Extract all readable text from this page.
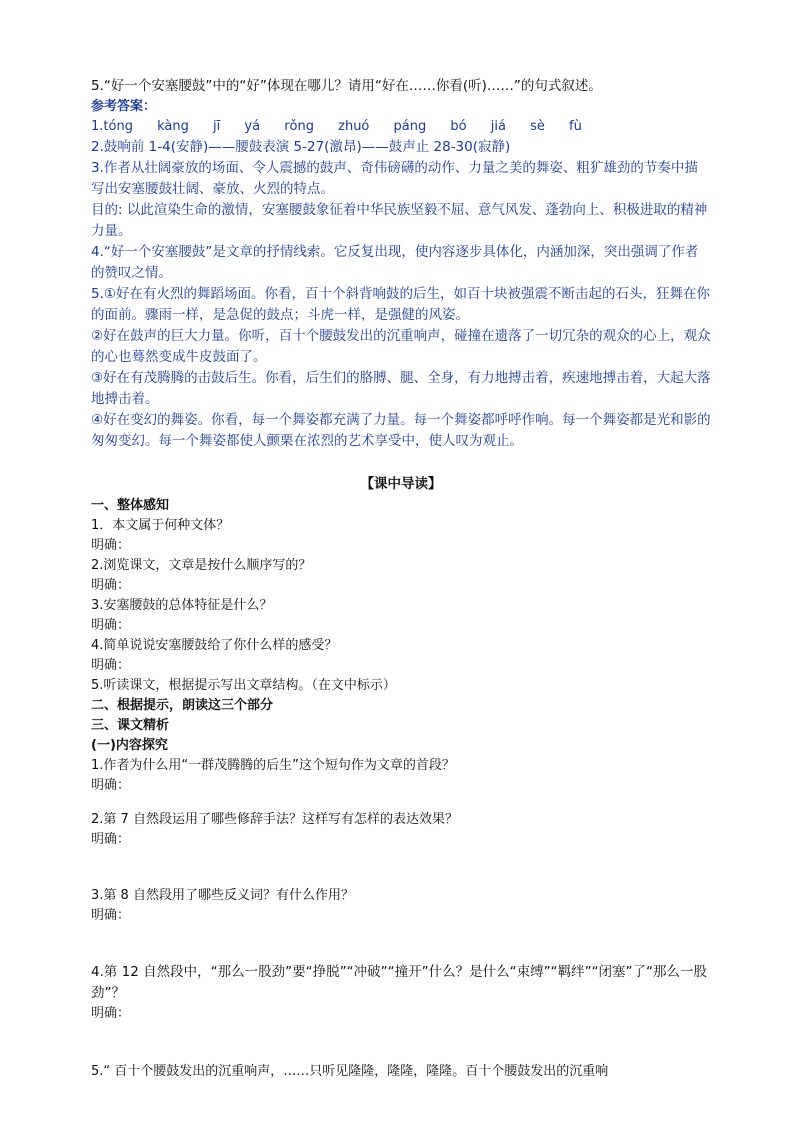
5.“好一个安塞腰鼓”中的“好”体现在哪儿？请用“好在……你看(听)……”的句式叙述。
参考答案：
1.tóng kàng jī yá rǒng zhuó páng bó jiá sè fù
2.鼓响前 1-4(安静)——腰鼓表演 5-27(激昂)——鼓声止 28-30(寂静)
3.作者从壮阔豪放的场面、令人震撼的鼓声、奇伟磅礴的动作、力量之美的舞姿、粗犷雄劲的节奏中描写出安塞腰鼓壮阔、豪放、火烈的特点。
目的: 以此渲染生命的激情，安塞腰鼓象征着中华民族坚毅不屈、意气风发、蓬勃向上、积极进取的精神力量。
4.“好一个安塞腰鼓”是文章的抒情线索。它反复出现，使内容逐步具体化，内涵加深，突出强调了作者的赞叹之情。
5.①好在有火烈的舞蹈场面。你看，百十个斜背响鼓的后生，如百十块被强震不断击起的石头，狂舞在你的面前。骤雨一样，是急促的鼓点；斗虎一样，是强健的风姿。
②好在鼓声的巨大力量。你听，百十个腰鼓发出的沉重响声，碰撞在遗落了一切冗杂的观众的心上，观众的心也蓦然变成牛皮鼓面了。
③好在有茂腾腾的击鼓后生。你看，后生们的胳膊、腿、全身，有力地搏击着，疾速地搏击着，大起大落地搏击着。
④好在变幻的舞姿。你看，每一个舞姿都充满了力量。每一个舞姿都呼呼作响。每一个舞姿都是光和影的匆匆变幻。每一个舞姿都使人颤栗在浓烈的艺术享受中，使人叹为观止。
【课中导读】
一、整体感知
1．本文属于何种文体？
明确：
2.浏览课文，文章是按什么顺序写的？
明确：
3.安塞腰鼓的总体特征是什么？
明确：
4.简单说说安塞腰鼓给了你什么样的感受？
明确：
5.听读课文，根据提示写出文章结构。（在文中标示）
二、根据提示，朗读这三个部分
三、课文精析
(一)内容探究
1.作者为什么用“一群茂腾腾的后生”这个短句作为文章的首段？
明确：
2.第 7 自然段运用了哪些修辞手法？这样写有怎样的表达效果？
明确：
3.第 8 自然段用了哪些反义词？有什么作用？
明确：
4.第 12 自然段中，“那么一股劲”要“挣脱”“冲破”“撞开”什么？是什么“束缚”“羁绊”“闭塞”了“那么一股劲”？
明确：
5.“ 百十个腰鼓发出的沉重响声，……只听见隆隆，隆隆，隆隆。百十个腰鼓发出的沉重响
